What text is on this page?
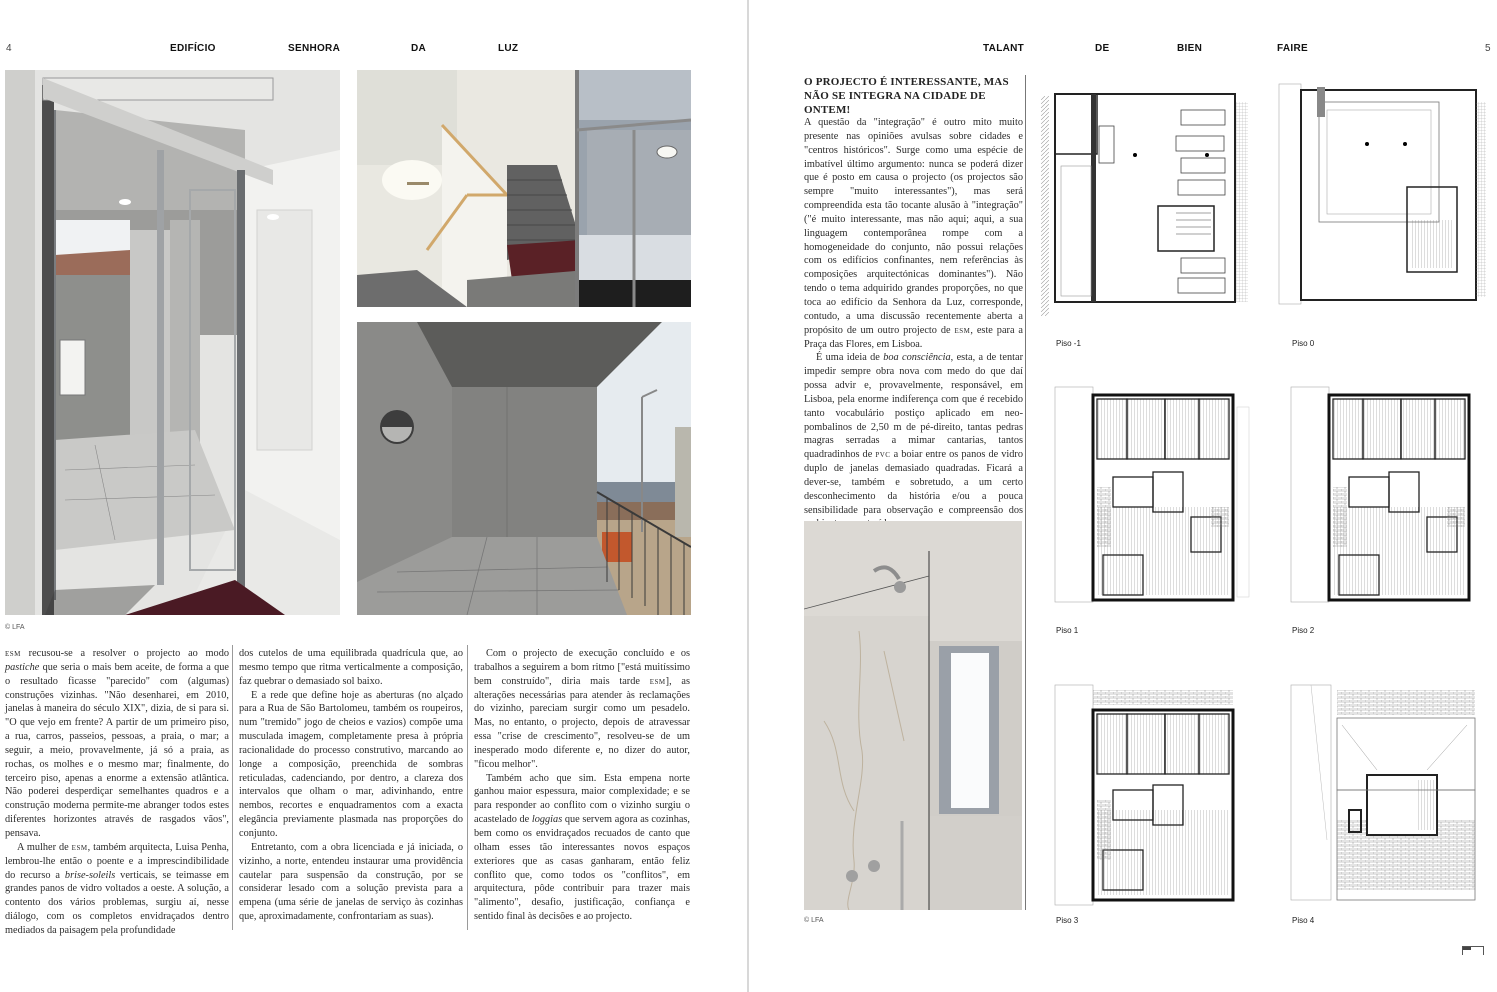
4	EDIFÍCIO	SENHORA	DA	LUZ
© LFA

esm recusou-se a resolver o projecto ao modo pastiche que seria o mais bem aceite, de forma a que o resultado ficasse "parecido" com (algumas) construções vizinhas. "Não desenharei, em 2010, janelas à maneira do século XIX", dizia, de si para si. "O que vejo em frente? A partir de um primeiro piso, a rua, carros, passeios, pessoas, a praia, o mar; a seguir, a meio, provavelmente, já só a praia, as rochas, os molhes e o mesmo mar; finalmente, do terceiro piso, apenas a enorme a extensão atlântica. Não poderei desperdiçar semelhantes quadros e a construção moderna permite-me abranger todos estes diferentes horizontes através de rasgados vãos", pensava.

A mulher de esm, também arquitecta, Luisa Penha, lembrou-lhe então o poente e a imprescindibilidade do recurso a brise-soleils verticais, se teimasse em grandes panos de vidro voltados a oeste. A solução, a contento dos vários problemas, surgiu aí, nesse diálogo, com os completos envidraçados dentro mediados da paisagem pela profundidade

dos cutelos de uma equilibrada quadrícula que, ao mesmo tempo que ritma verticalmente a composição, faz quebrar o demasiado sol baixo.

E a rede que define hoje as aberturas (no alçado para a Rua de São Bartolomeu, também os roupeiros, num "tremido" jogo de cheios e vazios) compõe uma musculada imagem, completamente presa à própria racionalidade do processo construtivo, marcando ao longe a composição, preenchida de sombras reticuladas, cadenciando, por dentro, a clareza dos intervalos que olham o mar, adivinhando, entre nembos, recortes e enquadramentos com a exacta elegância previamente plasmada nas proporções do conjunto.

Entretanto, com a obra licenciada e já iniciada, o vizinho, a norte, entendeu instaurar uma providência cautelar para suspensão da construção, por se considerar lesado com a solução prevista para a empena (uma série de janelas de serviço às cozinhas que, aproximadamente, confrontariam as suas).

Com o projecto de execução concluído e os trabalhos a seguirem a bom ritmo ["está muitíssimo bem construído", diria mais tarde esm], as alterações necessárias para atender às reclamações do vizinho, pareciam surgir como um pesadelo. Mas, no entanto, o projecto, depois de atravessar essa "crise de crescimento", resolveu-se de um inesperado modo diferente e, no dizer do autor, "ficou melhor".

Também acho que sim. Esta empena norte ganhou maior espessura, maior complexidade; e se para responder ao conflito com o vizinho surgiu o acastelado de loggias que servem agora as cozinhas, bem como os envidraçados recuados de canto que olham esses tão interessantes novos espaços exteriores que as casas ganharam, então feliz conflito que, como todos os "conflitos", em arquitectura, pôde contribuir para trazer mais "alimento", desafio, justificação, confiança e sentido final às decisões e ao projecto.

TALANT	DE	BIEN	FAIRE	5
O PROJECTO É INTERESSANTE, MAS NÃO SE INTEGRA NA CIDADE DE ONTEM!

A questão da "integração" é outro mito muito presente nas opiniões avulsas sobre cidades e "centros históricos". Surge como uma espécie de imbatível último argumento: nunca se poderá dizer que é posto em causa o projecto (os projectos são sempre "muito interessantes"), mas será compreendida esta tão tocante alusão à "integração" ("é muito interessante, mas não aqui; aqui, a sua linguagem contemporânea rompe com a homogeneidade do conjunto, não possui relações com os edifícios confinantes, nem referências às composições arquitectónicas dominantes"). Não tendo o tema adquirido grandes proporções, no que toca ao edifício da Senhora da Luz, corresponde, contudo, a uma discussão recentemente aberta a propósito de um outro projecto de esm, este para a Praça das Flores, em Lisboa.

É uma ideia de boa consciência, esta, a de tentar impedir sempre obra nova com medo do que daí possa advir e, provavelmente, responsável, em Lisboa, pela enorme indiferença com que é recebido tanto vocabulário postiço aplicado em neo-pombalinos de 2,50 m de pé-direito, tantas pedras magras serradas a mimar cantarias, tantos quadradinhos de pvc a boiar entre os panos de vidro duplo de janelas demasiado quadradas. Ficará a dever-se, também e sobretudo, a um certo desconhecimento da história e/ou a pouca sensibilidade para observação e compreensão dos

© LFA
Piso -1	Piso 0
Piso 1	Piso 2
Piso 3	Piso 4
